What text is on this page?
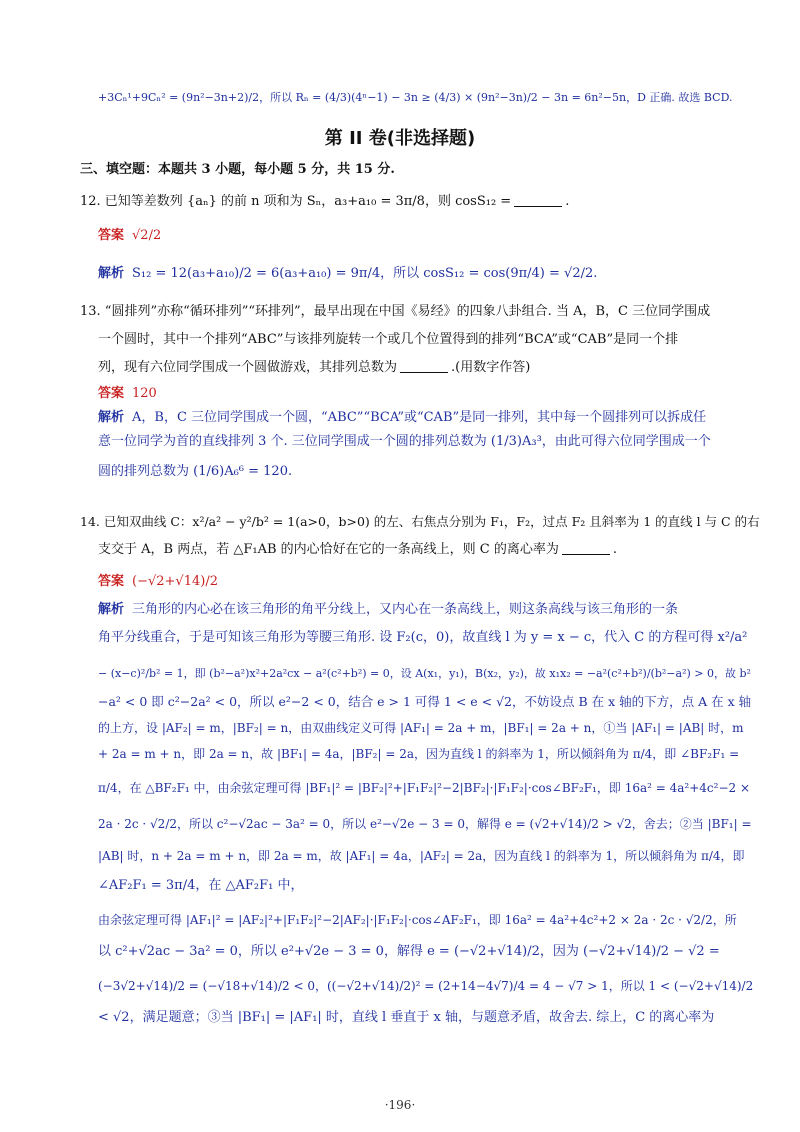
+3Cₙ¹+9Cₙ² = (9n²−3n+2)/2，所以 Rₙ = (4/3)(4ⁿ−1) − 3n ≥ (4/3) × (9n²−3n)/2 − 3n = 6n²−5n，D 正确. 故选 BCD.
第 II 卷(非选择题)
三、填空题：本题共 3 小题，每小题 5 分，共 15 分.
12. 已知等差数列 {aₙ} 的前 n 项和为 Sₙ，a₃+a₁₀ = 3π/8，则 cosS₁₂ =	.
答案 √2/2
解析 S₁₂ = 12(a₃+a₁₀)/2 = 6(a₃+a₁₀) = 9π/4，所以 cosS₁₂ = cos(9π/4) = √2/2.
13. “圆排列”亦称“循环排列”“环排列”，最早出现在中国《易经》的四象八卦组合. 当 A，B，C 三位同学围成
一个圆时，其中一个排列“ABC”与该排列旋转一个或几个位置得到的排列“BCA”或“CAB”是同一个排
列，现有六位同学围成一个圆做游戏，其排列总数为	.(用数字作答)
答案 120
解析 A，B，C 三位同学围成一个圆，“ABC”“BCA”或“CAB”是同一排列，其中每一个圆排列可以拆成任
意一位同学为首的直线排列 3 个. 三位同学围成一个圆的排列总数为 (1/3)A₃³，由此可得六位同学围成一个
圆的排列总数为 (1/6)A₆⁶ = 120.
14. 已知双曲线 C：x²/a² − y²/b² = 1(a>0，b>0) 的左、右焦点分别为 F₁，F₂，过点 F₂ 且斜率为 1 的直线 l 与 C 的右
支交于 A，B 两点，若 △F₁AB 的内心恰好在它的一条高线上，则 C 的离心率为	.
答案 (−√2+√14)/2
解析 三角形的内心必在该三角形的角平分线上，又内心在一条高线上，则这条高线与该三角形的一条
角平分线重合，于是可知该三角形为等腰三角形. 设 F₂(c，0)，故直线 l 为 y = x − c，代入 C 的方程可得 x²/a²
− (x−c)²/b² = 1，即 (b²−a²)x²+2a²cx − a²(c²+b²) = 0，设 A(x₁，y₁)，B(x₂，y₂)，故 x₁x₂ = −a²(c²+b²)/(b²−a²) > 0，故 b²
−a² < 0 即 c²−2a² < 0，所以 e²−2 < 0，结合 e > 1 可得 1 < e < √2，不妨设点 B 在 x 轴的下方，点 A 在 x 轴
的上方，设 |AF₂| = m，|BF₂| = n，由双曲线定义可得 |AF₁| = 2a + m，|BF₁| = 2a + n，①当 |AF₁| = |AB| 时，m
+ 2a = m + n，即 2a = n，故 |BF₁| = 4a，|BF₂| = 2a，因为直线 l 的斜率为 1，所以倾斜角为 π/4，即 ∠BF₂F₁ =
π/4，在 △BF₂F₁ 中，由余弦定理可得 |BF₁|² = |BF₂|²+|F₁F₂|²−2|BF₂|·|F₁F₂|·cos∠BF₂F₁，即 16a² = 4a²+4c²−2 ×
2a · 2c · √2/2，所以 c²−√2ac − 3a² = 0，所以 e²−√2e − 3 = 0，解得 e = (√2+√14)/2 > √2，舍去；②当 |BF₁| =
|AB| 时，n + 2a = m + n，即 2a = m，故 |AF₁| = 4a，|AF₂| = 2a，因为直线 l 的斜率为 1，所以倾斜角为 π/4，即
∠AF₂F₁ = 3π/4，在 △AF₂F₁ 中，
由余弦定理可得 |AF₁|² = |AF₂|²+|F₁F₂|²−2|AF₂|·|F₁F₂|·cos∠AF₂F₁，即 16a² = 4a²+4c²+2 × 2a · 2c · √2/2，所
以 c²+√2ac − 3a² = 0，所以 e²+√2e − 3 = 0，解得 e = (−√2+√14)/2，因为 (−√2+√14)/2 − √2 =
(−3√2+√14)/2 = (−√18+√14)/2 < 0，((−√2+√14)/2)² = (2+14−4√7)/4 = 4 − √7 > 1，所以 1 < (−√2+√14)/2
< √2，满足题意；③当 |BF₁| = |AF₁| 时，直线 l 垂直于 x 轴，与题意矛盾，故舍去. 综上，C 的离心率为
·196·
